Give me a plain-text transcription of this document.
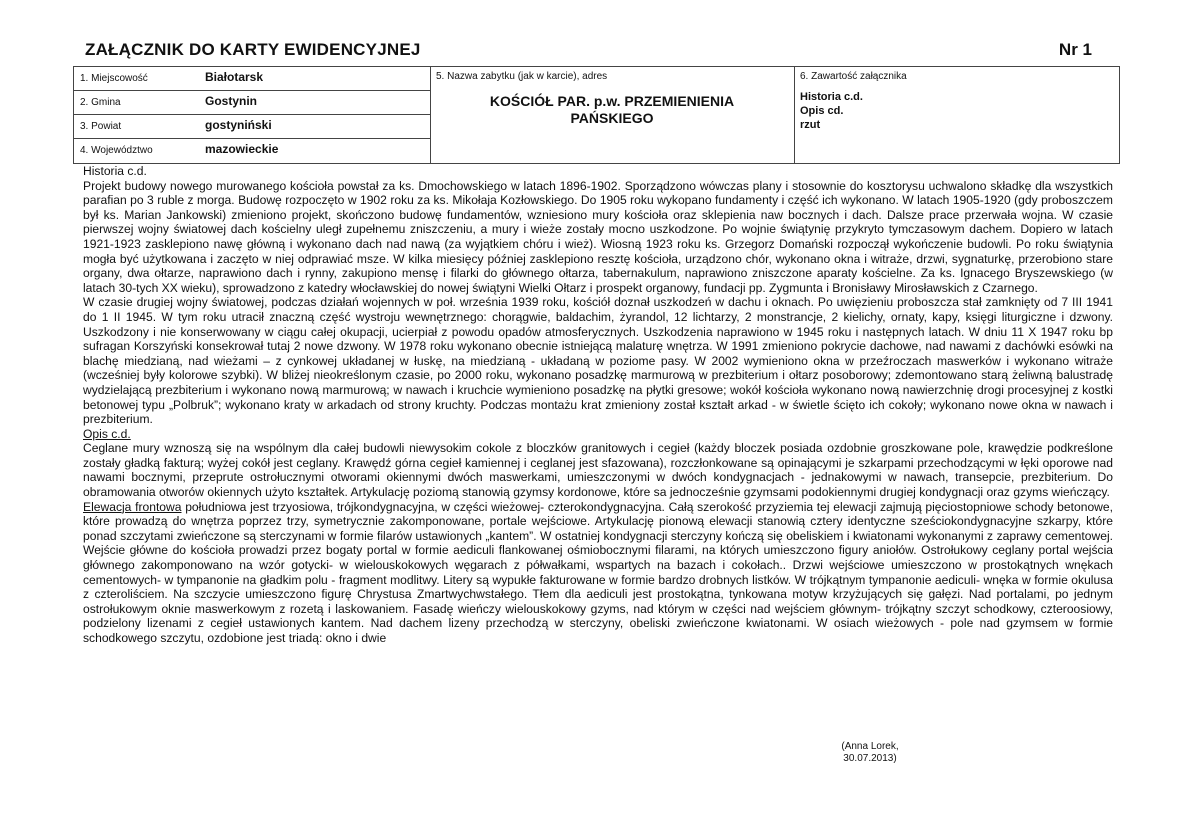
ZAŁĄCZNIK DO KARTY EWIDENCYJNEJ	Nr 1
1. Miejscowość	Białotarsk
2. Gmina	Gostynin
3. Powiat	gostyniński
4. Województwo	mazowieckie
5. Nazwa zabytku (jak w karcie), adres
KOŚCIÓŁ PAR. p.w. PRZEMIENIENIA
PAŃSKIEGO
6. Zawartość załącznika
Historia c.d.
Opis cd.
rzut

Historia c.d.

Projekt budowy nowego murowanego kościoła powstał za ks. Dmochowskiego w latach 1896-1902. Sporządzono wówczas plany i stosownie do kosztorysu uchwalono składkę dla wszystkich parafian po 3 ruble z morga. Budowę rozpoczęto w 1902 roku za ks. Mikołaja Kozłowskiego. Do 1905 roku wykopano fundamenty i część ich wykonano. W latach 1905-1920 (gdy proboszczem był ks. Marian Jankowski) zmieniono projekt, skończono budowę fundamentów, wzniesiono mury kościoła oraz sklepienia naw bocznych i dach. Dalsze prace przerwała wojna. W czasie pierwszej wojny światowej dach kościelny uległ zupełnemu zniszczeniu, a mury i wieże zostały mocno uszkodzone. Po wojnie świątynię przykryto tymczasowym dachem. Dopiero w latach 1921-1923 zasklepiono nawę główną i wykonano dach nad nawą (za wyjątkiem chóru i wież). Wiosną 1923 roku ks. Grzegorz Domański rozpoczął wykończenie budowli. Po roku świątynia mogła być użytkowana i zaczęto w niej odprawiać msze. W kilka miesięcy później zasklepiono resztę kościoła, urządzono chór, wykonano okna i witraże, drzwi, sygnaturkę, przerobiono stare organy, dwa ołtarze, naprawiono dach i rynny, zakupiono mensę i filarki do głównego ołtarza, tabernakulum, naprawiono zniszczone aparaty kościelne. Za ks. Ignacego Bryszewskiego (w latach 30-tych XX wieku), sprowadzono z katedry włocławskiej do nowej świątyni Wielki Ołtarz i prospekt organowy, fundacji pp. Zygmunta i Bronisławy Mirosławskich z Czarnego.

W czasie drugiej wojny światowej, podczas działań wojennych w poł. września 1939 roku, kościół doznał uszkodzeń w dachu i oknach. Po uwięzieniu proboszcza stał zamknięty od 7 III 1941 do 1 II 1945. W tym roku utracił znaczną część wystroju wewnętrznego: chorągwie, baldachim, żyrandol, 12 lichtarzy, 2 monstrancje, 2 kielichy, ornaty, kapy, księgi liturgiczne i dzwony. Uszkodzony i nie konserwowany w ciągu całej okupacji, ucierpiał z powodu opadów atmosferycznych. Uszkodzenia naprawiono w 1945 roku i następnych latach. W dniu 11 X 1947 roku bp sufragan Korszyński konsekrował tutaj 2 nowe dzwony. W 1978 roku wykonano obecnie istniejącą malaturę wnętrza. W 1991 zmieniono pokrycie dachowe, nad nawami z dachówki esówki na blachę miedzianą, nad wieżami – z cynkowej układanej w łuskę, na miedzianą - układaną w poziome pasy. W 2002 wymieniono okna w przeźroczach maswerków i wykonano witraże (wcześniej były kolorowe szybki). W bliżej nieokreślonym czasie, po 2000 roku, wykonano posadzkę marmurową w prezbiterium i ołtarz posoborowy; zdemontowano starą żeliwną balustradę wydzielającą prezbiterium i wykonano nową marmurową; w nawach i kruchcie wymieniono posadzkę na płytki gresowe; wokół kościoła wykonano nową nawierzchnię drogi procesyjnej z kostki betonowej typu „Polbruk”; wykonano kraty w arkadach od strony kruchty. Podczas montażu krat zmieniony został kształt arkad - w świetle ścięto ich cokoły; wykonano nowe okna w nawach i prezbiterium.

Opis c.d.

Ceglane mury wznoszą się na wspólnym dla całej budowli niewysokim cokole z bloczków granitowych i cegieł (każdy bloczek posiada ozdobnie groszkowane pole, krawędzie podkreślone zostały gładką fakturą; wyżej cokół jest ceglany. Krawędź górna cegieł kamiennej i ceglanej jest sfazowana), rozczłonkowane są opinającymi je szkarpami przechodzącymi w łęki oporowe nad nawami bocznymi, przeprute ostrołucznymi otworami okiennymi dwóch maswerkami, umieszczonymi w dwóch kondygnacjach - jednakowymi w nawach, transepcie, prezbiterium. Do obramowania otworów okiennych użyto kształtek. Artykulację poziomą stanowią gzymsy kordonowe, które sa jednocześnie gzymsami podokiennymi drugiej kondygnacji oraz gzyms wieńczący.

Elewacja frontowa południowa jest trzyosiowa, trójkondygnacyjna, w części wieżowej- czterokondygnacyjna. Całą szerokość przyziemia tej elewacji zajmują pięciostopniowe schody betonowe, które prowadzą do wnętrza poprzez trzy, symetrycznie zakomponowane, portale wejściowe. Artykulację pionową elewacji stanowią cztery identyczne sześciokondygnacyjne szkarpy, które ponad szczytami zwieńczone są sterczynami w formie filarów ustawionych „kantem”. W ostatniej kondygnacji sterczyny kończą się obeliskiem i kwiatonami wykonanymi z zaprawy cementowej. Wejście główne do kościoła prowadzi przez bogaty portal w formie aediculi flankowanej ośmiobocznymi filarami, na których umieszczono figury aniołów. Ostrołukowy ceglany portal wejścia głównego zakomponowano na wzór gotycki- w wielouskokowych węgarach z półwałkami, wspartych na bazach i cokołach.. Drzwi wejściowe umieszczono w prostokątnych wnękach cementowych- w tympanonie na gładkim polu - fragment modlitwy. Litery są wypukłe fakturowane w formie bardzo drobnych listków. W trójkątnym tympanonie aediculi- wnęka w formie okulusa z czteroliściem. Na szczycie umieszczono figurę Chrystusa Zmartwychwstałego. Tłem dla aediculi jest prostokątna, tynkowana motyw krzyżujących się gałęzi. Nad portalami, po jednym ostrołukowym oknie maswerkowym z rozetą i laskowaniem. Fasadę wieńczy wielouskokowy gzyms, nad którym w części nad wejściem głównym- trójkątny szczyt schodkowy, czteroosiowy, podzielony lizenami z cegieł ustawionych kantem. Nad dachem lizeny przechodzą w sterczyny, obeliski zwieńczone kwiatonami. W osiach wieżowych - pole nad gzymsem w formie schodkowego szczytu, ozdobione jest triadą: okno i dwie

(Anna Lorek,
30.07.2013)
